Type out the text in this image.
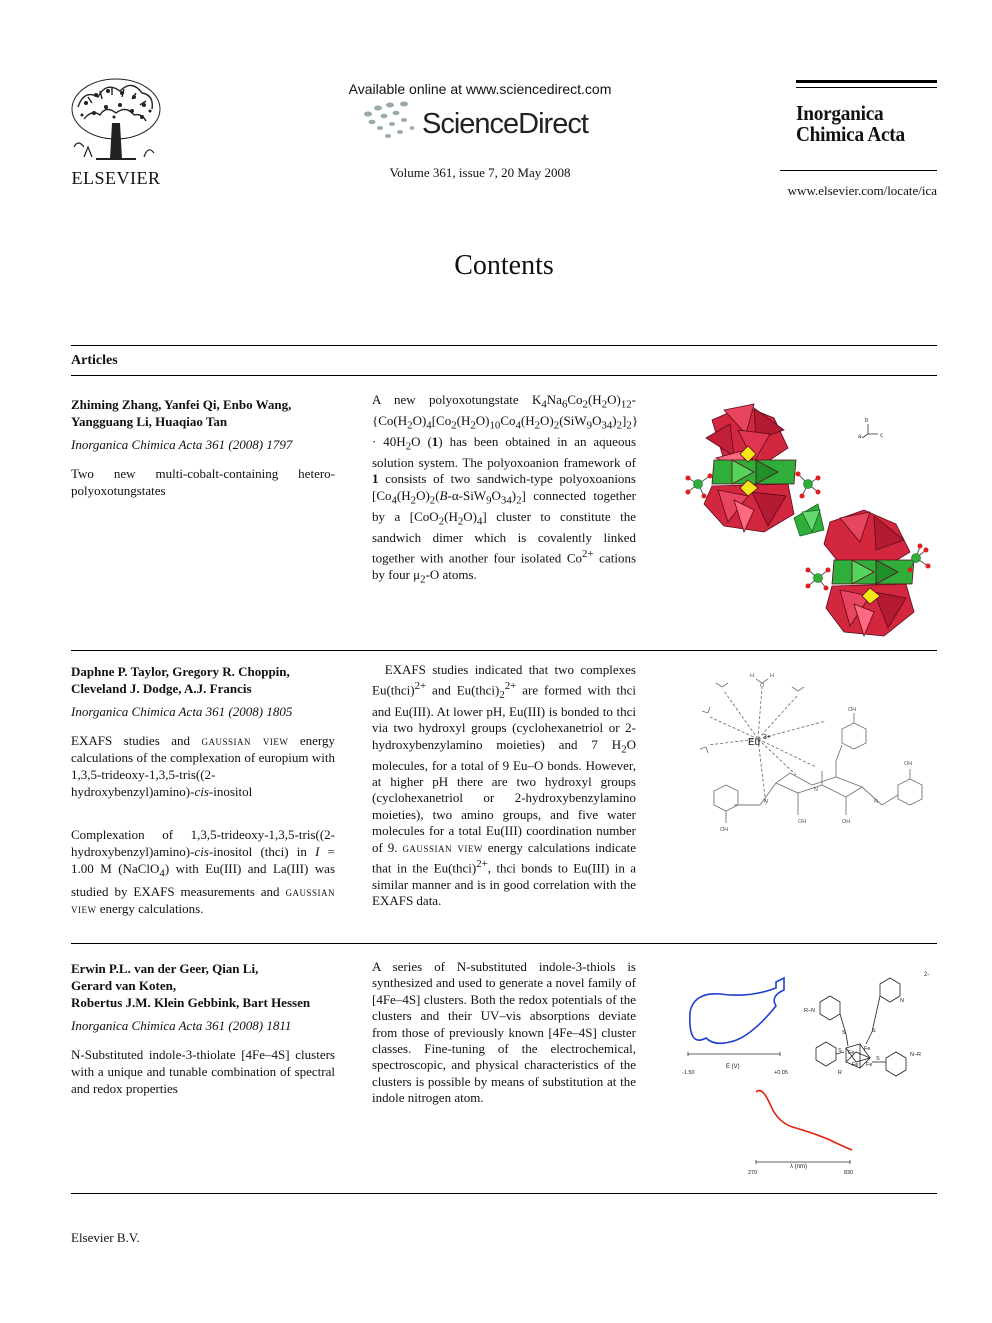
ELSEVIER
Available online at www.sciencedirect.com
ScienceDirect
Volume 361, issue 7, 20 May 2008
Inorganica
Chimica Acta
www.elsevier.com/locate/ica
Contents
Articles
Zhiming Zhang, Yanfei Qi, Enbo Wang,
Yangguang Li, Huaqiao Tan
Inorganica Chimica Acta 361 (2008) 1797
Two new multi-cobalt-containing hetero-polyoxotungstates
A new polyoxotungstate $K_4Na_6Co_2(H_2O)_{12}-\{Co(H_2O)_4[Co_2(H_2O)_{10}Co_4(H_2O)_2(SiW_9O_{34})_2]_2\} \cdot 40H_2O$ (1) has been obtained in an aqueous solution system. The polyoxoanion framework of 1 consists of two sandwich-type polyoxoanions $[Co_4(H_2O)_2(B-\alpha-SiW_9O_{34})_2]$ connected together by a $[CoO_2(H_2O)_4]$ cluster to constitute the sandwich dimer which is covalently linked together with another four isolated $Co^{2+}$ cations by four $\mu_2-O$ atoms.
a
b
c
Daphne P. Taylor, Gregory R. Choppin,
Cleveland J. Dodge, A.J. Francis
Inorganica Chimica Acta 361 (2008) 1805
EXAFS studies and gaussian view energy calculations of the complexation of europium with 1,3,5-trideoxy-1,3,5-tris((2-hydroxybenzyl)amino)-cis-inositol
Complexation of 1,3,5-trideoxy-1,3,5-tris((2-hydroxybenzyl)amino)-cis-inositol (thci) in I = 1.00 M (NaClO$_4$) with Eu(III) and La(III) was studied by EXAFS measurements and gaussian view energy calculations.
EXAFS studies indicated that two complexes Eu(thci)$^{2+}$ and $Eu(thci)_2^{2+}$ are formed with thci and Eu(III). At lower pH, Eu(III) is bonded to thci via two hydroxyl groups (cyclohexanetriol or 2-hydroxybenzylamino moieties) and 7 $H_2O$ molecules, for a total of 9 Eu–O bonds. However, at higher pH there are two hydroxyl groups (cyclohexanetriol or 2-hydroxybenzylamino moieties), two amino groups, and five water molecules for a total Eu(III) coordination number of 9. gaussian view energy calculations indicate that in the Eu(thci)$^{2+}$, thci bonds to Eu(III) in a similar manner and is in good correlation with the EXAFS data.
Eu 3+
OH	OH
OH
OH
OH
N
N
N
H
O
H
Erwin P.L. van der Geer, Qian Li,
Gerard van Koten,
Robertus J.M. Klein Gebbink, Bart Hessen
Inorganica Chimica Acta 361 (2008) 1811
N-Substituted indole-3-thiolate [4Fe–4S] clusters with a unique and tunable combination of spectral and redox properties
A series of N-substituted indole-3-thiols is synthesized and used to generate a novel family of [4Fe–4S] clusters. Both the redox potentials of the clusters and their UV–vis absorptions deviate from those of previously known [4Fe–4S] cluster classes. Fine-tuning of the electrochemical, spectroscopic, and physical characteristics of the clusters is possible by means of substitution at the indole nitrogen atom.
E (V)
-1.50	+0.05
λ (nm)
270	830
2-
Fe
Fe
Fe Fe
S	S
S
S
R–N
N–R
N
R
Elsevier B.V.
